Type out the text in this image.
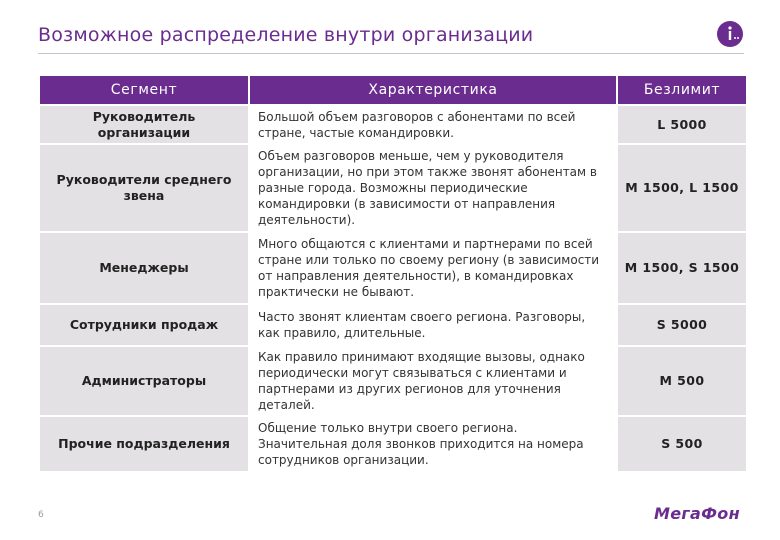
Возможное распределение внутри организации
Сегмент	Характеристика	Безлимит
Руководитель организации	Большой объем разговоров с абонентами по всей стране, частые командировки.	L 5000
Руководители среднего звена	Объем разговоров меньше, чем у руководителя организации, но при этом также звонят абонентам в разные города. Возможны периодические командировки (в зависимости от направления деятельности).	M 1500, L 1500
Менеджеры	Много общаются с клиентами и партнерами по всей стране или только по своему региону (в зависимости от направления деятельности), в командировках практически не бывают.	M 1500, S 1500
Сотрудники продаж	Часто звонят клиентам своего региона. Разговоры, как правило, длительные.	S 5000
Администраторы	Как правило принимают входящие вызовы, однако периодически могут связываться с клиентами и партнерами из других регионов для уточнения деталей.	M 500
Прочие подразделения	Общение только внутри своего региона. Значительная доля звонков приходится на номера сотрудников организации.	S 500
6	МегаФон
